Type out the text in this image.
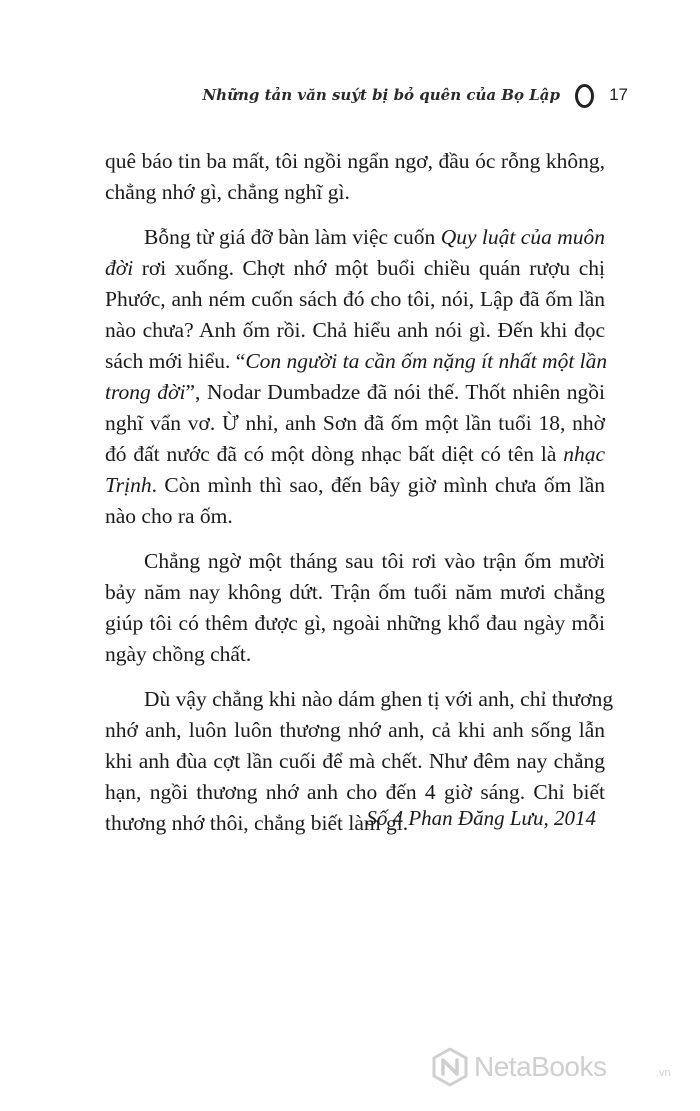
Những tản văn suýt bị bỏ quên của Bọ Lập	17

quê báo tin ba mất, tôi ngồi ngẩn ngơ, đầu óc rỗng không,
chẳng nhớ gì, chẳng nghĩ gì.

Bỗng từ giá đỡ bàn làm việc cuốn Quy luật của muôn
đời rơi xuống. Chợt nhớ một buổi chiều quán rượu chị
Phước, anh ném cuốn sách đó cho tôi, nói, Lập đã ốm lần
nào chưa? Anh ốm rồi. Chả hiểu anh nói gì. Đến khi đọc
sách mới hiểu. “Con người ta cần ốm nặng ít nhất một lần
trong đời”, Nodar Dumbadze đã nói thế. Thốt nhiên ngồi
nghĩ vẩn vơ. Ừ nhỉ, anh Sơn đã ốm một lần tuổi 18, nhờ
đó đất nước đã có một dòng nhạc bất diệt có tên là nhạc
Trịnh. Còn mình thì sao, đến bây giờ mình chưa ốm lần
nào cho ra ốm.

Chẳng ngờ một tháng sau tôi rơi vào trận ốm mười
bảy năm nay không dứt. Trận ốm tuổi năm mươi chẳng
giúp tôi có thêm được gì, ngoài những khổ đau ngày mỗi
ngày chồng chất.

Dù vậy chẳng khi nào dám ghen tị với anh, chỉ thương
nhớ anh, luôn luôn thương nhớ anh, cả khi anh sống lẫn
khi anh đùa cợt lần cuối để mà chết. Như đêm nay chẳng
hạn, ngồi thương nhớ anh cho đến 4 giờ sáng. Chỉ biết
thương nhớ thôi, chẳng biết làm gì.

Số 4 Phan Đăng Lưu, 2014
NetaBooks	.vn
